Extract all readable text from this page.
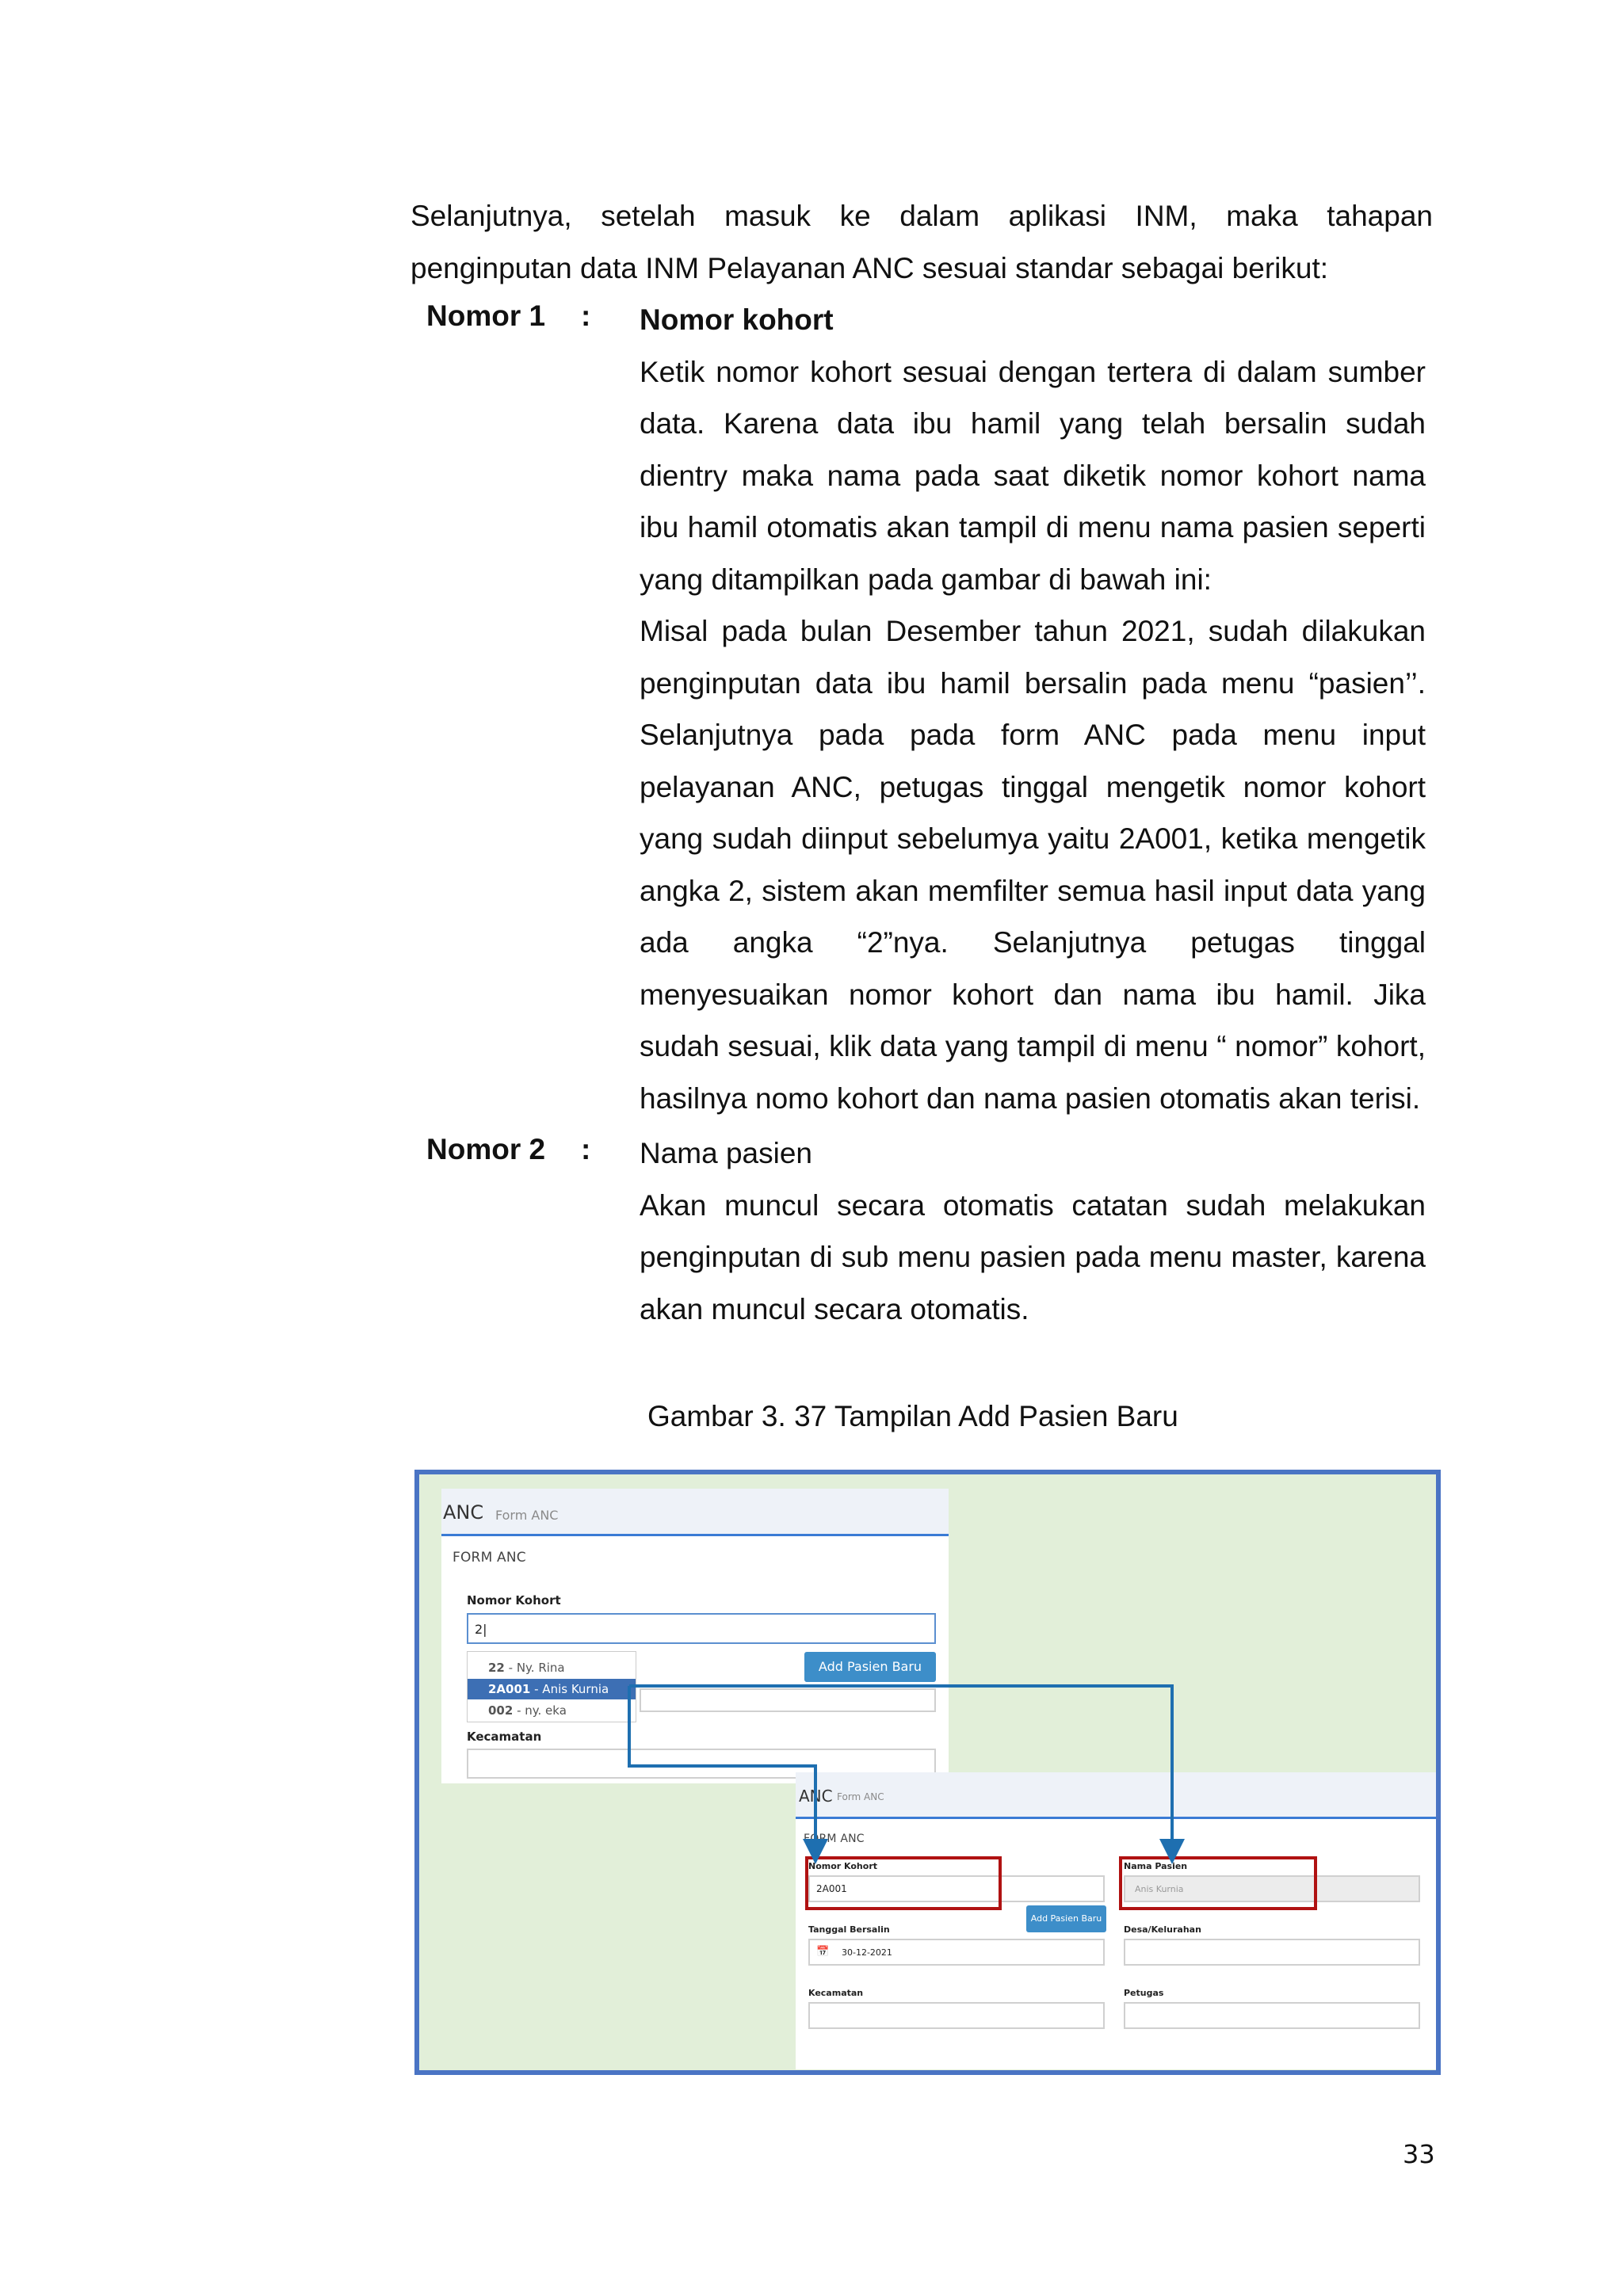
Selanjutnya, setelah masuk ke dalam aplikasi INM, maka tahapan penginputan data INM Pelayanan ANC sesuai standar sebagai berikut:
Nomor 1 : Nomor kohort

Ketik nomor kohort sesuai dengan tertera di dalam sumber data. Karena data ibu hamil yang telah bersalin sudah dientry maka nama pada saat diketik nomor kohort nama ibu hamil otomatis akan tampil di menu nama pasien seperti yang ditampilkan pada gambar di bawah ini:

Misal pada bulan Desember tahun 2021, sudah dilakukan penginputan data ibu hamil bersalin pada menu “pasien’’. Selanjutnya pada pada form ANC pada menu input pelayanan ANC, petugas tinggal mengetik nomor kohort yang sudah diinput sebelumya yaitu 2A001, ketika mengetik angka 2, sistem akan memfilter semua hasil input data yang ada angka “2”nya. Selanjutnya petugas tinggal menyesuaikan nomor kohort dan nama ibu hamil. Jika sudah sesuai, klik data yang tampil di menu “ nomor” kohort, hasilnya nomo kohort dan nama pasien otomatis akan terisi.

Nomor 2 : Nama pasien

Akan muncul secara otomatis catatan sudah melakukan penginputan di sub menu pasien pada menu master, karena akan muncul secara otomatis.

Gambar 3. 37 Tampilan Add Pasien Baru
ANC Form ANC
FORM ANC
Nomor Kohort
2|
Add Pasien Baru
22 - Ny. Rina
2A001 - Anis Kurnia
002 - ny. eka
Kecamatan
ANC Form ANC
FORM ANC
Nomor Kohort
2A001
Nama Pasien
Anis Kurnia
Add Pasien Baru
Tanggal Bersalin
📅 30-12-2021
Desa/Kelurahan
Kecamatan	Petugas
33
